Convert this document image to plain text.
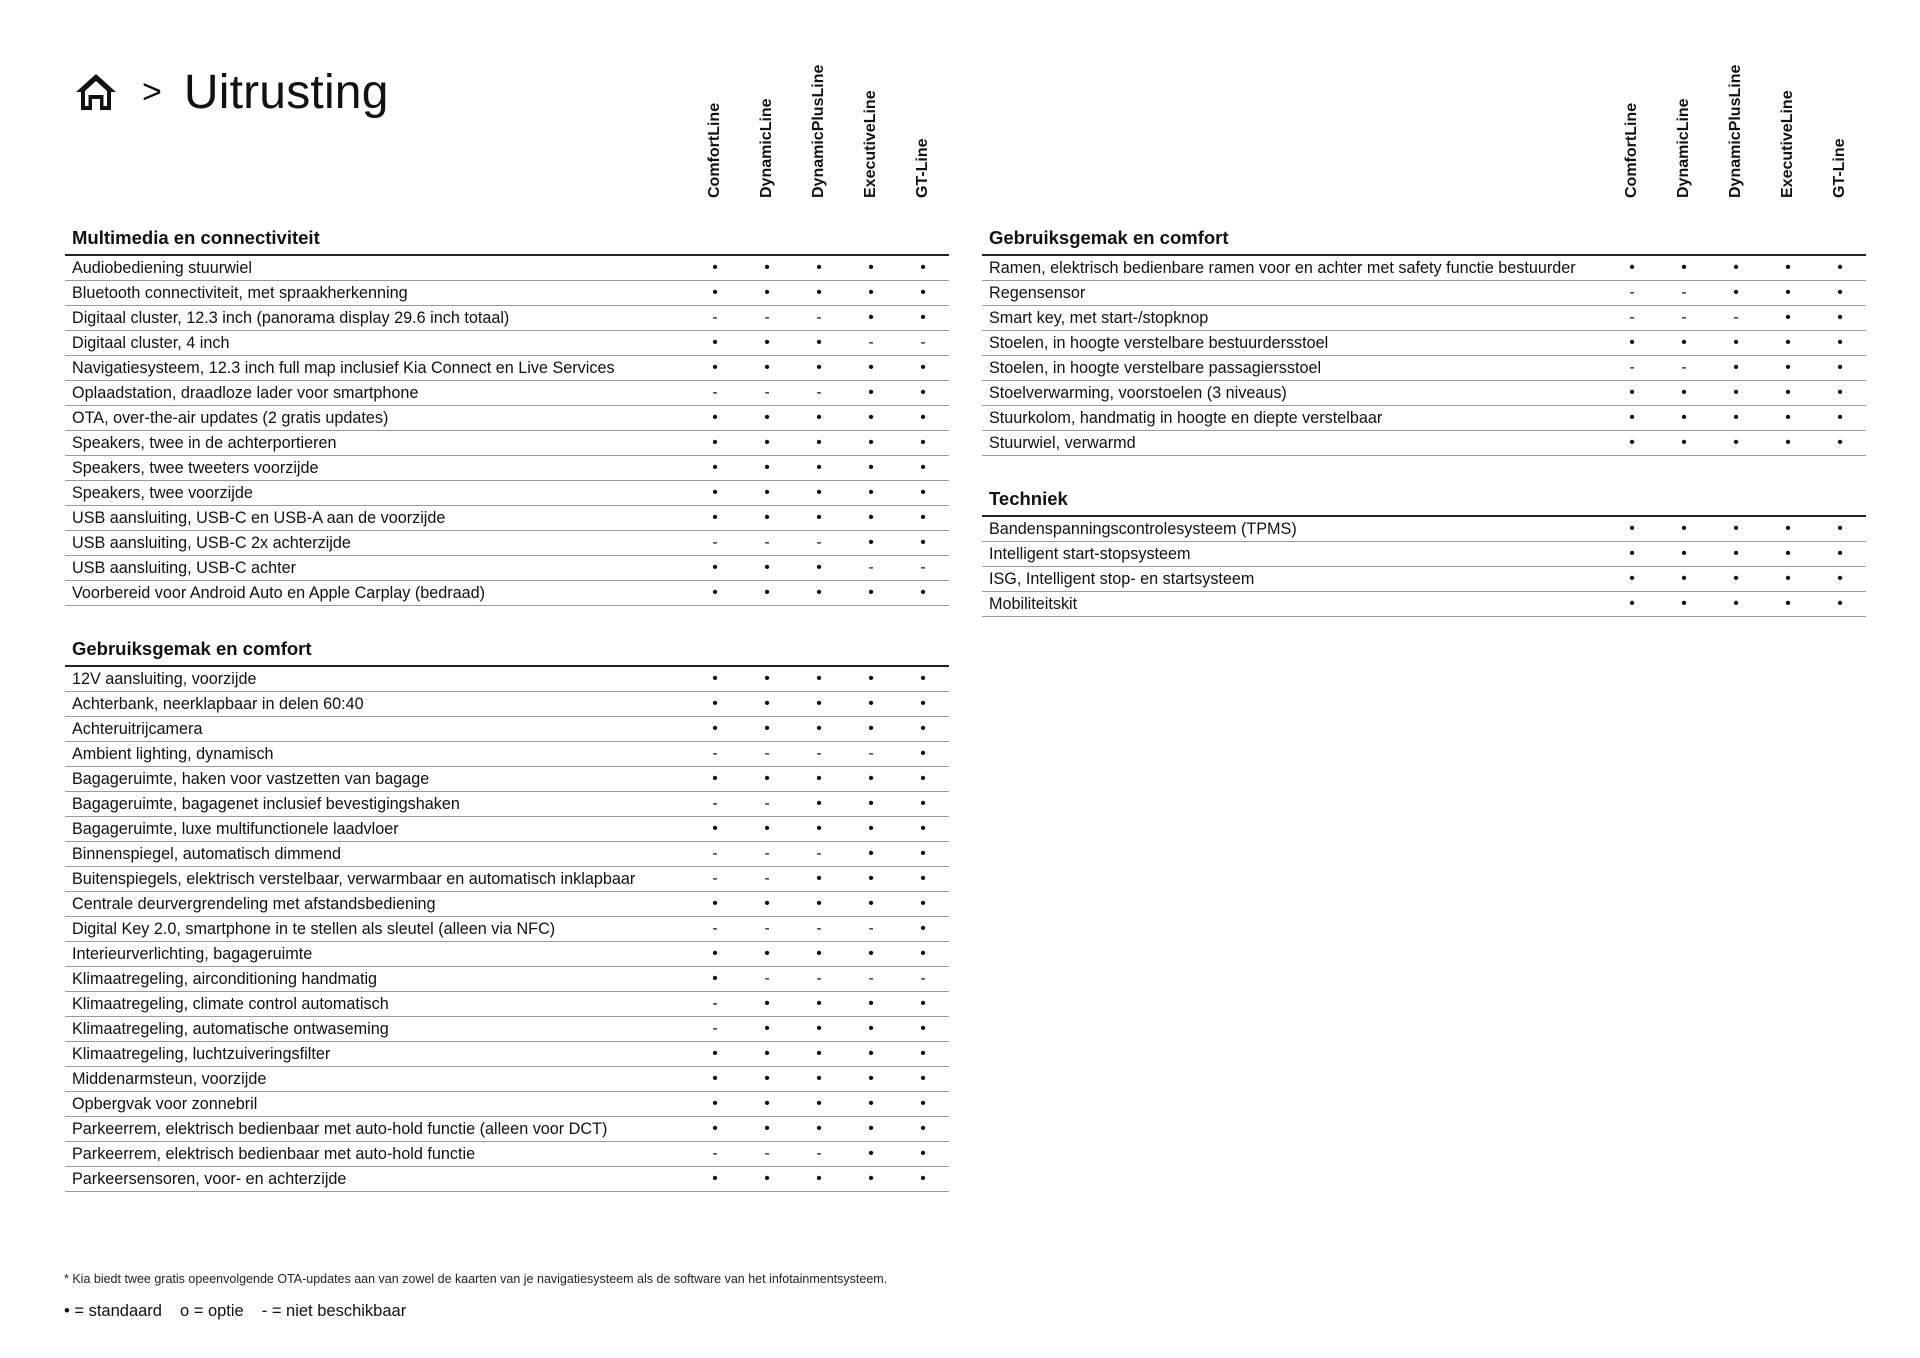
> Uitrusting
ComfortLine DynamicLine DynamicPlusLine ExecutiveLine GT-Line	ComfortLine DynamicLine DynamicPlusLine ExecutiveLine GT-Line
Multimedia en connectiviteit
Audiobediening stuurwiel	•	•	•	•	•
Bluetooth connectiviteit, met spraakherkenning	•	•	•	•	•
Digitaal cluster, 12.3 inch (panorama display 29.6 inch totaal)	-	-	-	•	•
Digitaal cluster, 4 inch	•	•	•	-	-
Navigatiesysteem, 12.3 inch full map inclusief Kia Connect en Live Services	•	•	•	•	•
Oplaadstation, draadloze lader voor smartphone	-	-	-	•	•
OTA, over-the-air updates (2 gratis updates)	•	•	•	•	•
Speakers, twee in de achterportieren	•	•	•	•	•
Speakers, twee tweeters voorzijde	•	•	•	•	•
Speakers, twee voorzijde	•	•	•	•	•
USB aansluiting, USB-C en USB-A aan de voorzijde	•	•	•	•	•
USB aansluiting, USB-C 2x achterzijde	-	-	-	•	•
USB aansluiting, USB-C achter	•	•	•	-	-
Voorbereid voor Android Auto en Apple Carplay (bedraad)	•	•	•	•	•
Gebruiksgemak en comfort
12V aansluiting, voorzijde	•	•	•	•	•
Achterbank, neerklapbaar in delen 60:40	•	•	•	•	•
Achteruitrijcamera	•	•	•	•	•
Ambient lighting, dynamisch	-	-	-	-	•
Bagageruimte, haken voor vastzetten van bagage	•	•	•	•	•
Bagageruimte, bagagenet inclusief bevestigingshaken	-	-	•	•	•
Bagageruimte, luxe multifunctionele laadvloer	•	•	•	•	•
Binnenspiegel, automatisch dimmend	-	-	-	•	•
Buitenspiegels, elektrisch verstelbaar, verwarmbaar en automatisch inklapbaar	-	-	•	•	•
Centrale deurvergrendeling met afstandsbediening	•	•	•	•	•
Digital Key 2.0, smartphone in te stellen als sleutel (alleen via NFC)	-	-	-	-	•
Interieurverlichting, bagageruimte	•	•	•	•	•
Klimaatregeling, airconditioning handmatig	•	-	-	-	-
Klimaatregeling, climate control automatisch	-	•	•	•	•
Klimaatregeling, automatische ontwaseming	-	•	•	•	•
Klimaatregeling, luchtzuiveringsfilter	•	•	•	•	•
Middenarmsteun, voorzijde	•	•	•	•	•
Opbergvak voor zonnebril	•	•	•	•	•
Parkeerrem, elektrisch bedienbaar met auto-hold functie (alleen voor DCT)	•	•	•	•	•
Parkeerrem, elektrisch bedienbaar met auto-hold functie	-	-	-	•	•
Parkeersensoren, voor- en achterzijde	•	•	•	•	•
Gebruiksgemak en comfort
Ramen, elektrisch bedienbare ramen voor en achter met safety functie bestuurder	•	•	•	•	•
Regensensor	-	-	•	•	•
Smart key, met start-/stopknop	-	-	-	•	•
Stoelen, in hoogte verstelbare bestuurdersstoel	•	•	•	•	•
Stoelen, in hoogte verstelbare passagiersstoel	-	-	•	•	•
Stoelverwarming, voorstoelen (3 niveaus)	•	•	•	•	•
Stuurkolom, handmatig in hoogte en diepte verstelbaar	•	•	•	•	•
Stuurwiel, verwarmd	•	•	•	•	•
Techniek
Bandenspanningscontrolesysteem (TPMS)	•	•	•	•	•
Intelligent start-stopsysteem	•	•	•	•	•
ISG, Intelligent stop- en startsysteem	•	•	•	•	•
Mobiliteitskit	•	•	•	•	•
* Kia biedt twee gratis opeenvolgende OTA-updates aan van zowel de kaarten van je navigatiesysteem als de software van het infotainmentsysteem.
• = standaard o = optie - = niet beschikbaar
